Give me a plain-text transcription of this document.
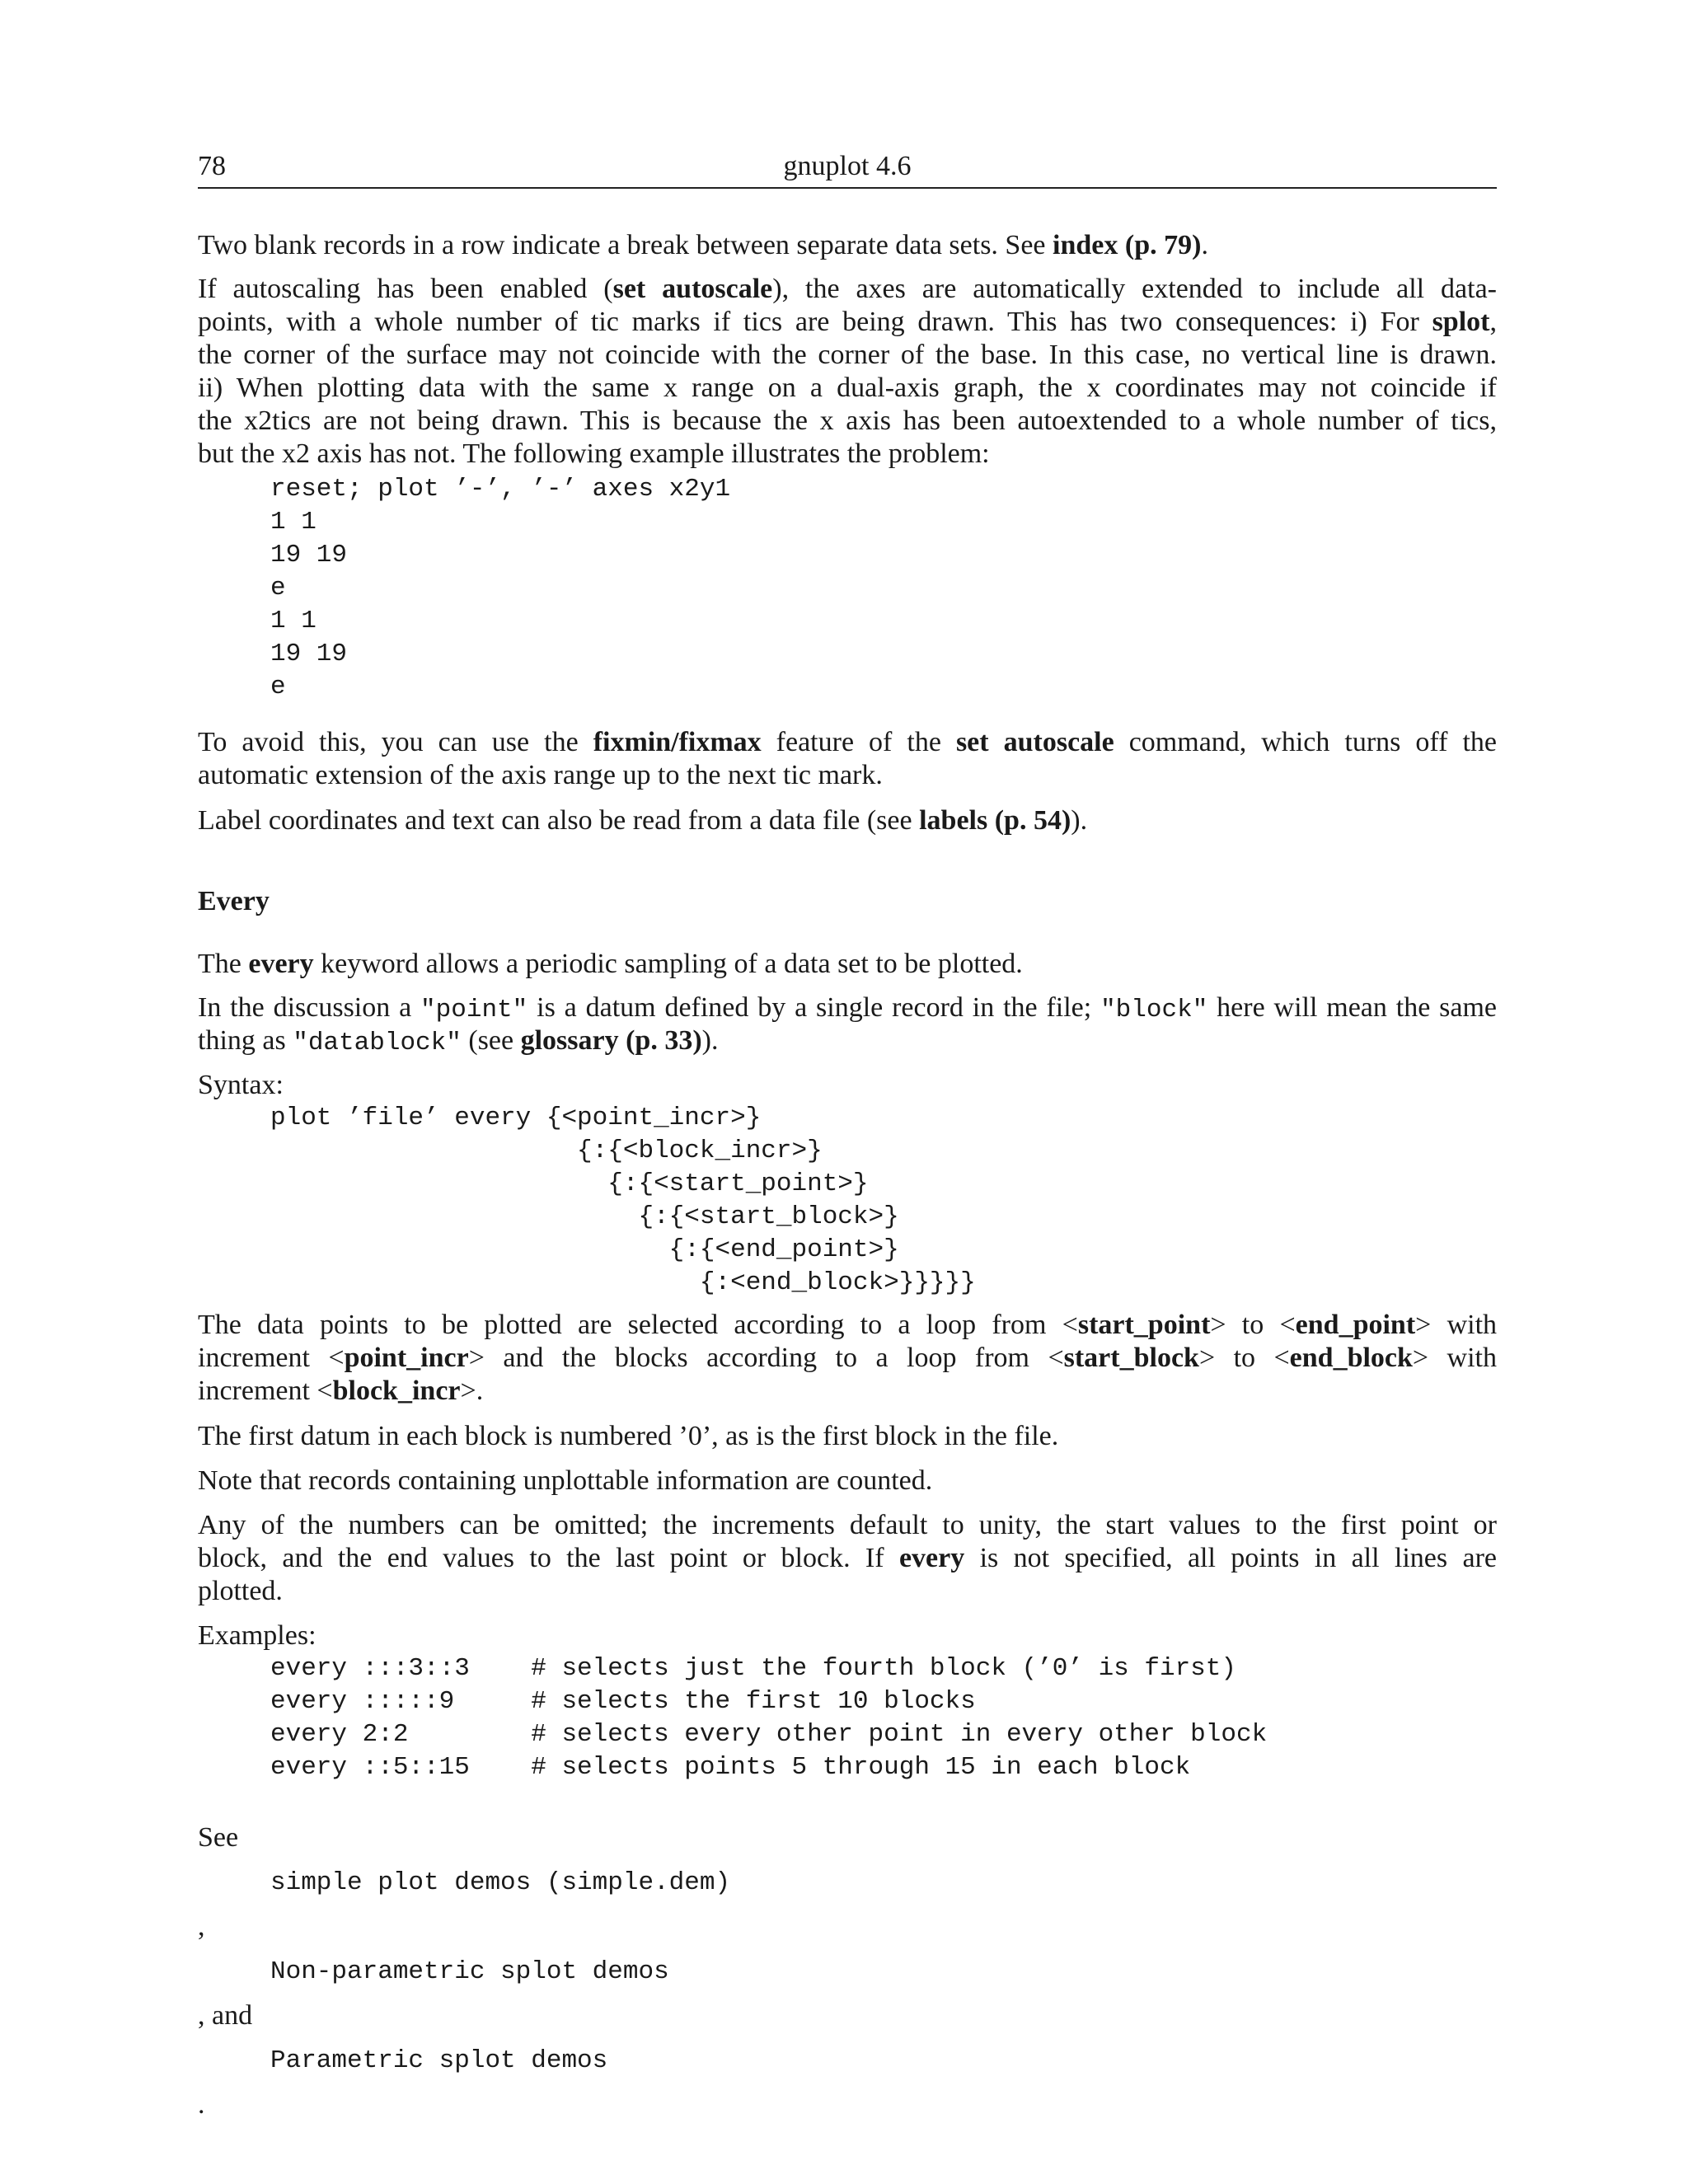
78	gnuplot 4.6
Two blank records in a row indicate a break between separate data sets. See index (p. 79).
If autoscaling has been enabled (set autoscale), the axes are automatically extended to include all data-
points, with a whole number of tic marks if tics are being drawn. This has two consequences: i) For splot,
the corner of the surface may not coincide with the corner of the base. In this case, no vertical line is drawn.
ii) When plotting data with the same x range on a dual-axis graph, the x coordinates may not coincide if
the x2tics are not being drawn. This is because the x axis has been autoextended to a whole number of tics,
but the x2 axis has not. The following example illustrates the problem:
reset; plot ’-’, ’-’ axes x2y1
1 1
19 19
e
1 1
19 19
e
To avoid this, you can use the fixmin/fixmax feature of the set autoscale command, which turns off the
automatic extension of the axis range up to the next tic mark.
Label coordinates and text can also be read from a data file (see labels (p. 54)).
Every
The every keyword allows a periodic sampling of a data set to be plotted.
In the discussion a "point" is a datum defined by a single record in the file; "block" here will mean the same
thing as "datablock" (see glossary (p. 33)).
Syntax:
plot ’file’ every {<point_incr>}
{:{<block_incr>}
{:{<start_point>}
{:{<start_block>}
{:{<end_point>}
{:<end_block>}}}}}
The data points to be plotted are selected according to a loop from <start_point> to <end_point> with
increment <point_incr> and the blocks according to a loop from <start_block> to <end_block> with
increment <block_incr>.
The first datum in each block is numbered ’0’, as is the first block in the file.
Note that records containing unplottable information are counted.
Any of the numbers can be omitted; the increments default to unity, the start values to the first point or
block, and the end values to the last point or block. If every is not specified, all points in all lines are
plotted.
Examples:
every :::3::3    # selects just the fourth block (’0’ is first)
every :::::9     # selects the first 10 blocks
every 2:2        # selects every other point in every other block
every ::5::15    # selects points 5 through 15 in each block
See
simple plot demos (simple.dem)
,
Non-parametric splot demos
, and
Parametric splot demos
.
